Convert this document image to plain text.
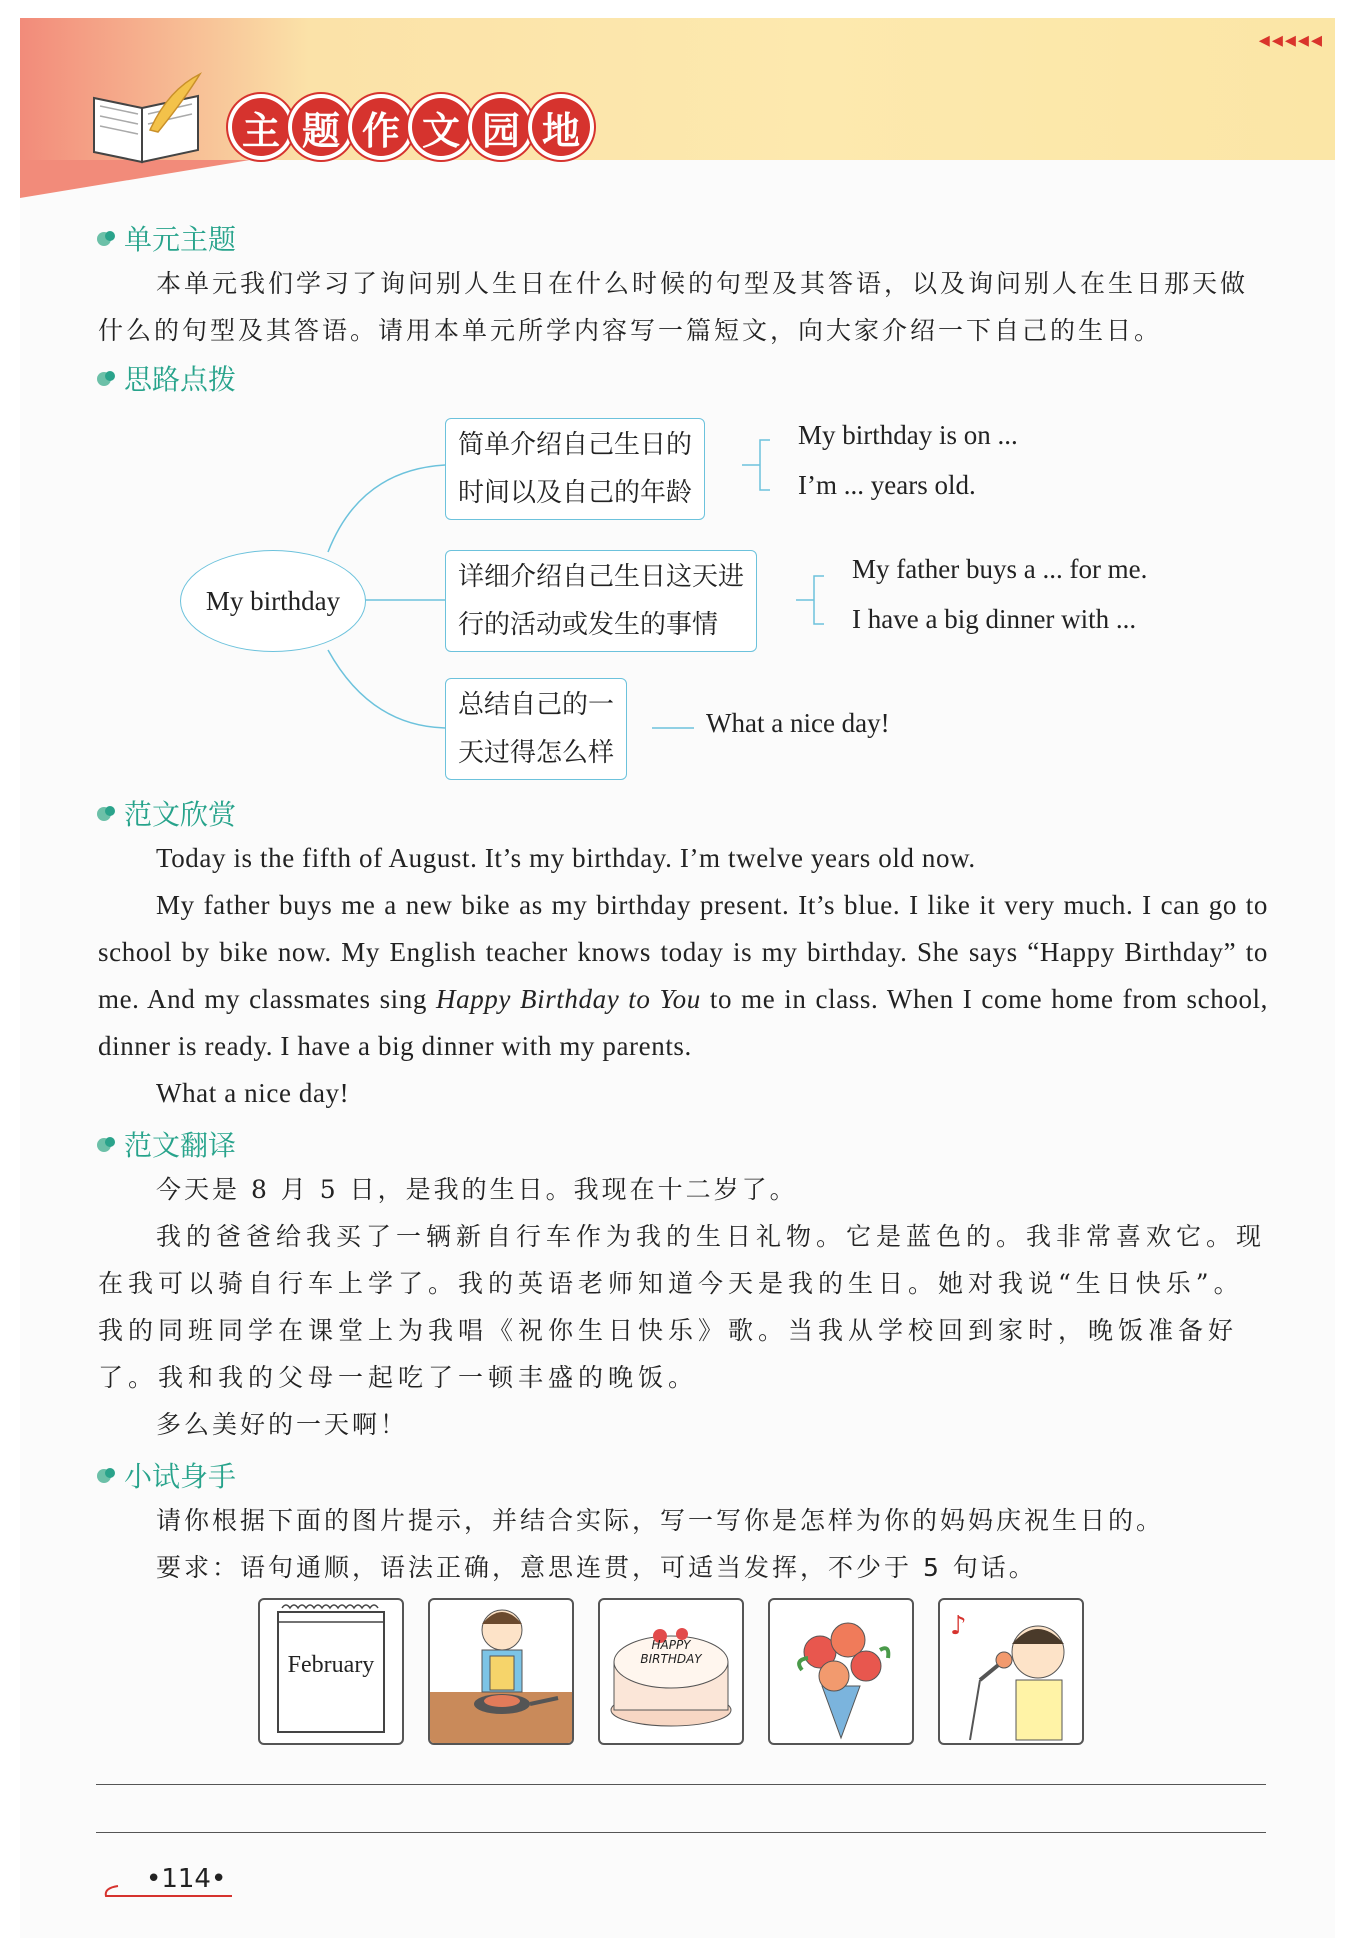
◂◂◂◂◂
主 题 作 文 园 地
单元主题
本单元我们学习了询问别人生日在什么时候的句型及其答语，以及询问别人在生日那天做什么的句型及其答语。请用本单元所学内容写一篇短文，向大家介绍一下自己的生日。
思路点拨
My birthday
简单介绍自己生日的
时间以及自己的年龄
My birthday is on ...
I’m ... years old.
详细介绍自己生日这天进
行的活动或发生的事情
My father buys a ... for me.
I have a big dinner with ...
总结自己的一
天过得怎么样
What a nice day!
范文欣赏
Today is the fifth of August. It’s my birthday. I’m twelve years old now.
My father buys me a new bike as my birthday present. It’s blue. I like it very much. I can go to school by bike now. My English teacher knows today is my birthday. She says “Happy Birthday” to me. And my classmates sing Happy Birthday to You to me in class. When I come home from school, dinner is ready. I have a big dinner with my parents.
What a nice day!
范文翻译
今天是 8 月 5 日，是我的生日。我现在十二岁了。
我的爸爸给我买了一辆新自行车作为我的生日礼物。它是蓝色的。我非常喜欢它。现在我可以骑自行车上学了。我的英语老师知道今天是我的生日。她对我说“生日快乐”。我的同班同学在课堂上为我唱《祝你生日快乐》歌。当我从学校回到家时，晚饭准备好了。我和我的父母一起吃了一顿丰盛的晚饭。
多么美好的一天啊！
小试身手
请你根据下面的图片提示，并结合实际，写一写你是怎样为你的妈妈庆祝生日的。
要求：语句通顺，语法正确，意思连贯，可适当发挥，不少于 5 句话。
February
HAPPY
BIRTHDAY
♪
•114•
